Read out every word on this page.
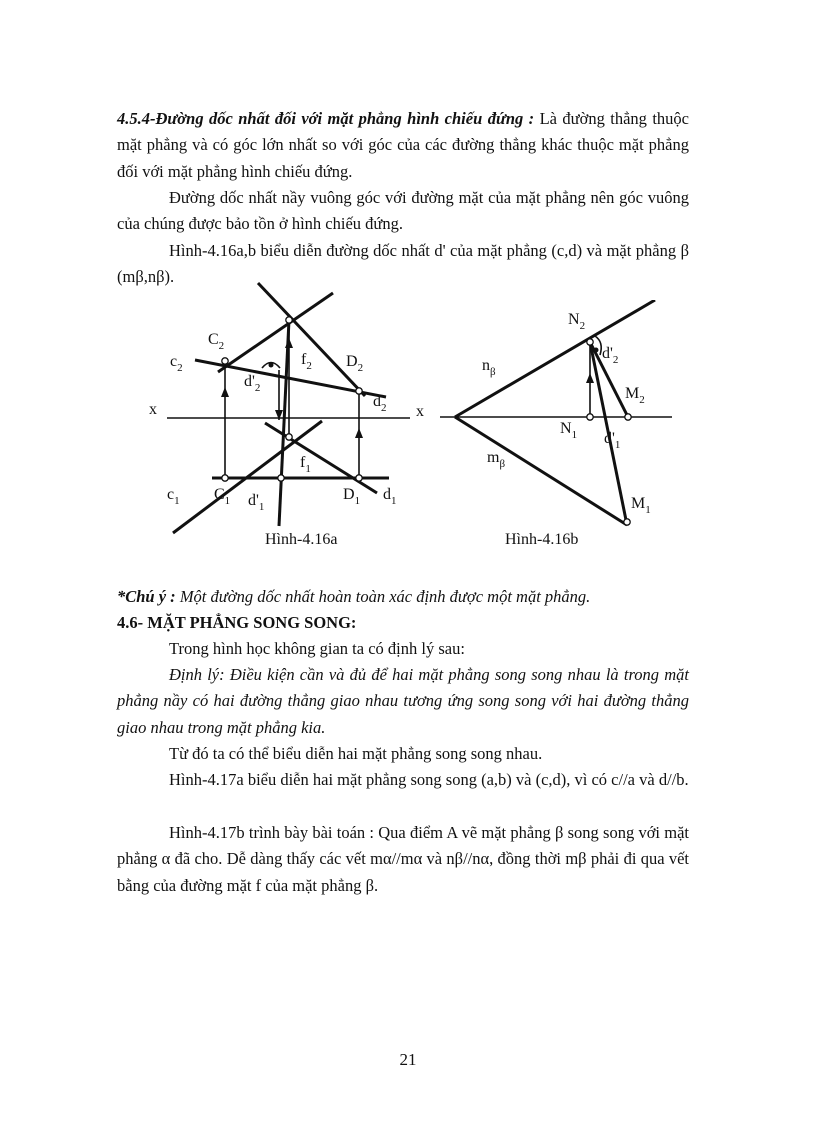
4.5.4-Đường dốc nhất đối với mặt phẳng hình chiếu đứng : Là đường thẳng thuộc mặt phẳng và có góc lớn nhất so với góc của các đường thẳng khác thuộc mặt phẳng đối với mặt phẳng hình chiếu đứng.
Đường dốc nhất nầy vuông góc với đường mặt của mặt phẳng nên góc vuông của chúng được bảo tồn ở hình chiếu đứng.
Hình-4.16a,b biểu diễn đường dốc nhất d' của mặt phẳng (c,d) và mặt phẳng β (mβ,nβ).
$C_2$
$c_2$	$f_2$ $D_2$
$d'_2$
$d_2$
x
$f_1$
$c_1$ $C_1$ $d'_1$
$D_1$ $d_1$
$N_2$
$n_\beta$
$d'_2$
$M_2$
x
$N_1$ $d'_1$
$m_\beta$
$M_1$
Hình-4.16a	Hình-4.16b
*Chú ý : Một đường dốc nhất hoàn toàn xác định được một mặt phẳng.
4.6- MẶT PHẲNG SONG SONG:
Trong hình học không gian ta có định lý sau:
Định lý: Điều kiện cần và đủ để hai mặt phẳng song song nhau là trong mặt phẳng nầy có hai đường thẳng giao nhau tương ứng song song với hai đường thẳng giao nhau trong mặt phẳng kia.
Từ đó ta có thể biểu diễn hai mặt phẳng song song nhau.
Hình-4.17a biểu diễn hai mặt phẳng song song (a,b) và (c,d), vì có c//a và d//b.
Hình-4.17b trình bày bài toán : Qua điểm A vẽ mặt phẳng β song song với mặt phẳng α đã cho. Dễ dàng thấy các vết mα//mα và nβ//nα, đồng thời mβ phải đi qua vết bằng của đường mặt f của mặt phẳng β.
21
